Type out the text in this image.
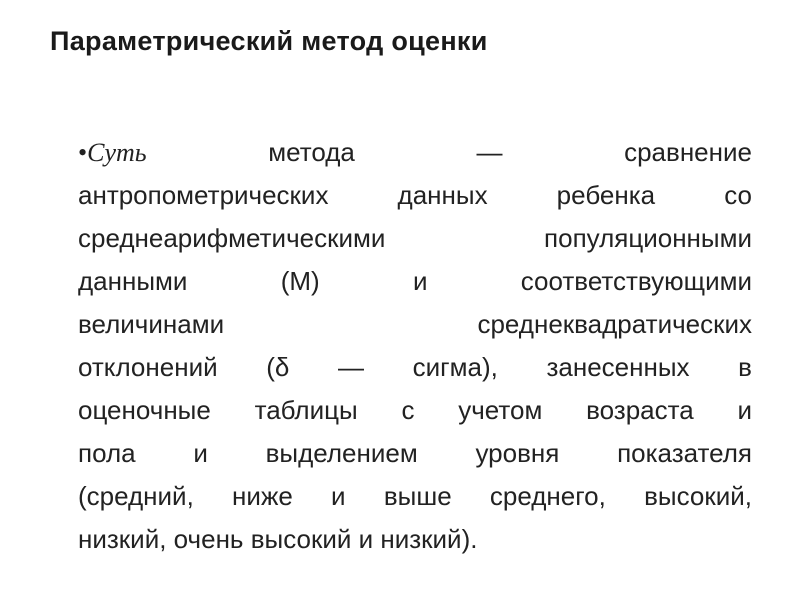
Параметрический метод оценки
•Суть	метода — сравнение
антропометрических данных ребенка со
среднеарифметическими популяционными
данными (M) и соответствующими
величинами среднеквадратических
отклонений (δ — сигма), занесенных в
оценочные таблицы с учетом возраста и
пола и выделением уровня показателя
(средний, ниже и выше среднего, высокий,
низкий, очень высокий и низкий).
